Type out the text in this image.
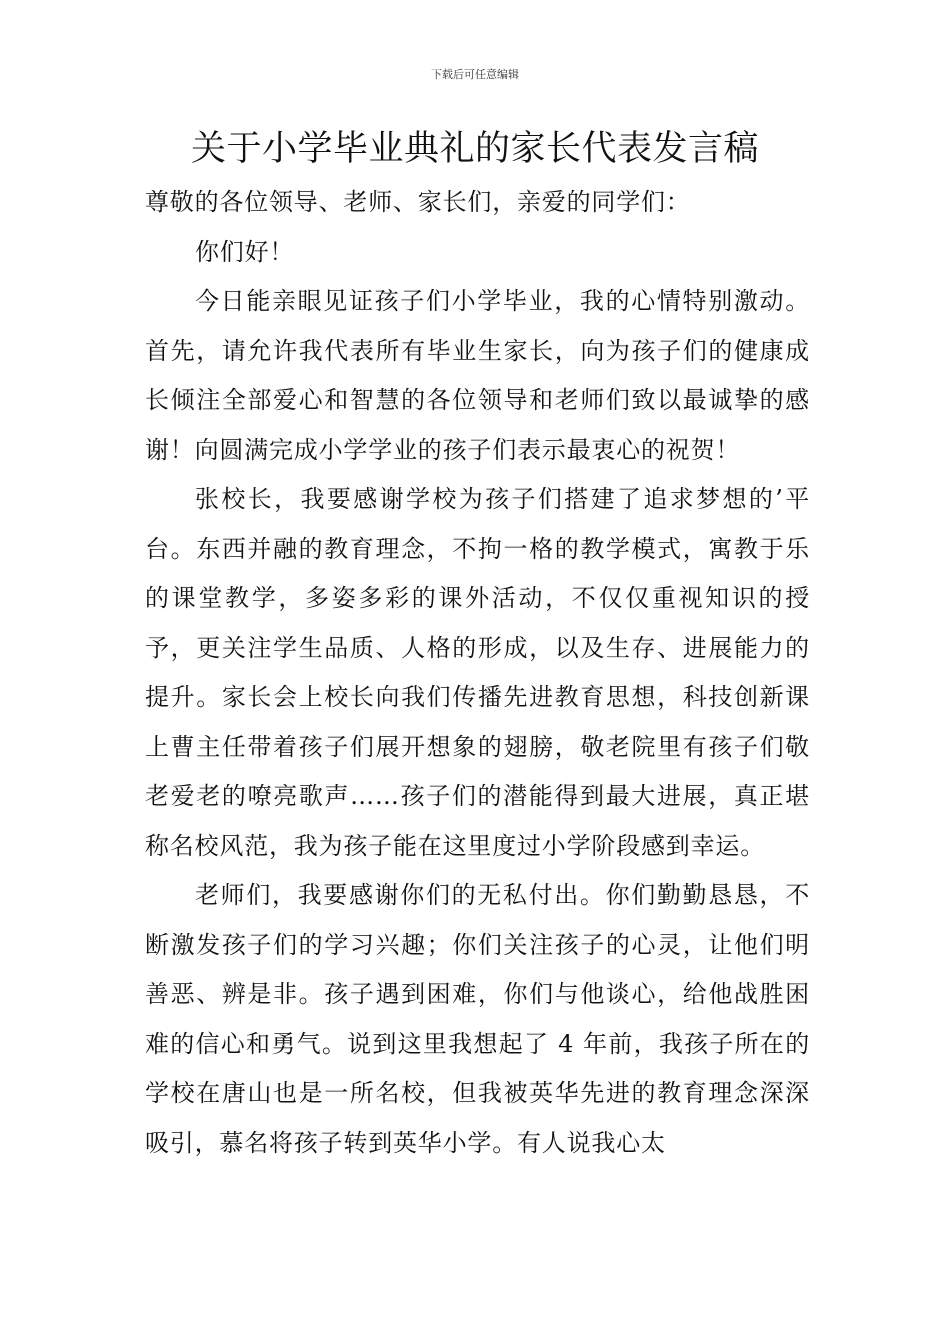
下载后可任意编辑
关于小学毕业典礼的家长代表发言稿

尊敬的各位领导、老师、家长们，亲爱的同学们：

你们好！

今日能亲眼见证孩子们小学毕业，我的心情特别激动。首先，请允许我代表所有毕业生家长，向为孩子们的健康成长倾注全部爱心和智慧的各位领导和老师们致以最诚挚的感谢！向圆满完成小学学业的孩子们表示最衷心的祝贺！

张校长，我要感谢学校为孩子们搭建了追求梦想的’平台。东西并融的教育理念，不拘一格的教学模式，寓教于乐的课堂教学，多姿多彩的课外活动，不仅仅重视知识的授予，更关注学生品质、人格的形成，以及生存、进展能力的提升。家长会上校长向我们传播先进教育思想，科技创新课上曹主任带着孩子们展开想象的翅膀，敬老院里有孩子们敬老爱老的嘹亮歌声……孩子们的潜能得到最大进展，真正堪称名校风范，我为孩子能在这里度过小学阶段感到幸运。

老师们，我要感谢你们的无私付出。你们勤勤恳恳，不断激发孩子们的学习兴趣；你们关注孩子的心灵，让他们明善恶、辨是非。孩子遇到困难，你们与他谈心，给他战胜困难的信心和勇气。说到这里我想起了 4 年前，我孩子所在的学校在唐山也是一所名校，但我被英华先进的教育理念深深吸引，慕名将孩子转到英华小学。有人说我心太
